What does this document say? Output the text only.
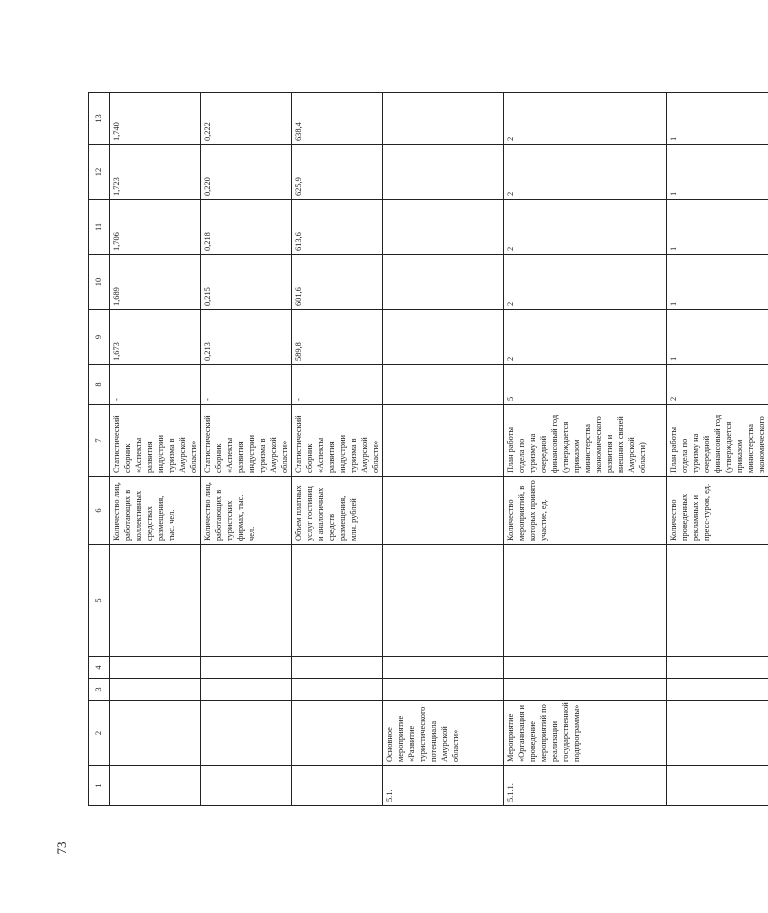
73
1	2	3	4	5	6	7	8	9	10	11	12	13
					Количество лиц, работающих в коллективных средствах размещения, тыс. чел.	Статистический сборник «Аспекты развития индустрии туризма в Амурской области»	-	1,673	1,689	1,706	1,723	1,740
					Количество лиц, работающих в туристских фирмах, тыс. чел.	Статистический сборник «Аспекты развития индустрии туризма в Амурской области»	-	0,213	0,215	0,218	0,220	0,222
					Объем платных услуг гостиниц и аналогичных средств размещения, млн. рублей	Статистический сборник «Аспекты развития индустрии туризма в Амурской области»	-	589,8	601,6	613,6	625,9	638,4
5.1.	Основное мероприятие «Развитие туристического потенциала Амурской области»											
5.1.1.	Мероприятие «Организация и проведение мероприятий по реализации государственной подпрограммы»				Количество мероприятий, в которых принято участие, ед.	План работы отдела по туризму на очередной финансовый год (утверждается приказом министерства экономического развития и внешних связей Амурской области)	5	2	2	2	2	2
					Количество проведенных рекламных и пресс-туров, ед.	План работы отдела по туризму на очередной финансовый год (утверждается приказом министерства экономического	2	1	1	1	1	1
